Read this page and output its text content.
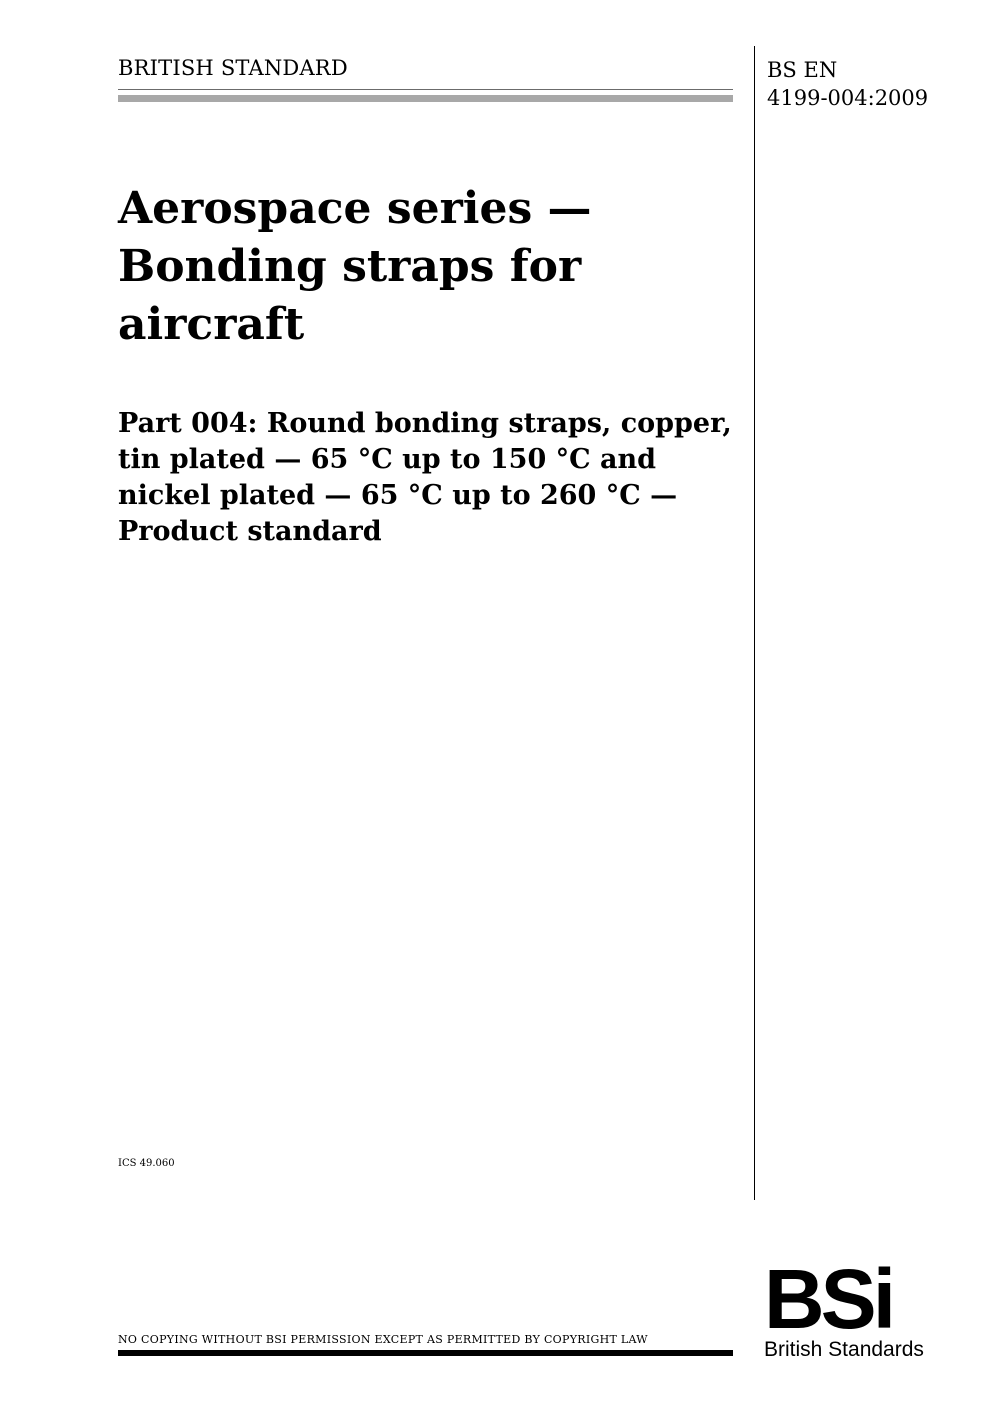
BRITISH STANDARD	BS EN
4199-004:2009
Aerospace series — Bonding straps for aircraft
Part 004: Round bonding straps, copper, tin plated — 65 °C up to 150 °C and nickel plated — 65 °C up to 260 °C — Product standard
ICS 49.060
NO COPYING WITHOUT BSI PERMISSION EXCEPT AS PERMITTED BY COPYRIGHT LAW BSi
British Standards
